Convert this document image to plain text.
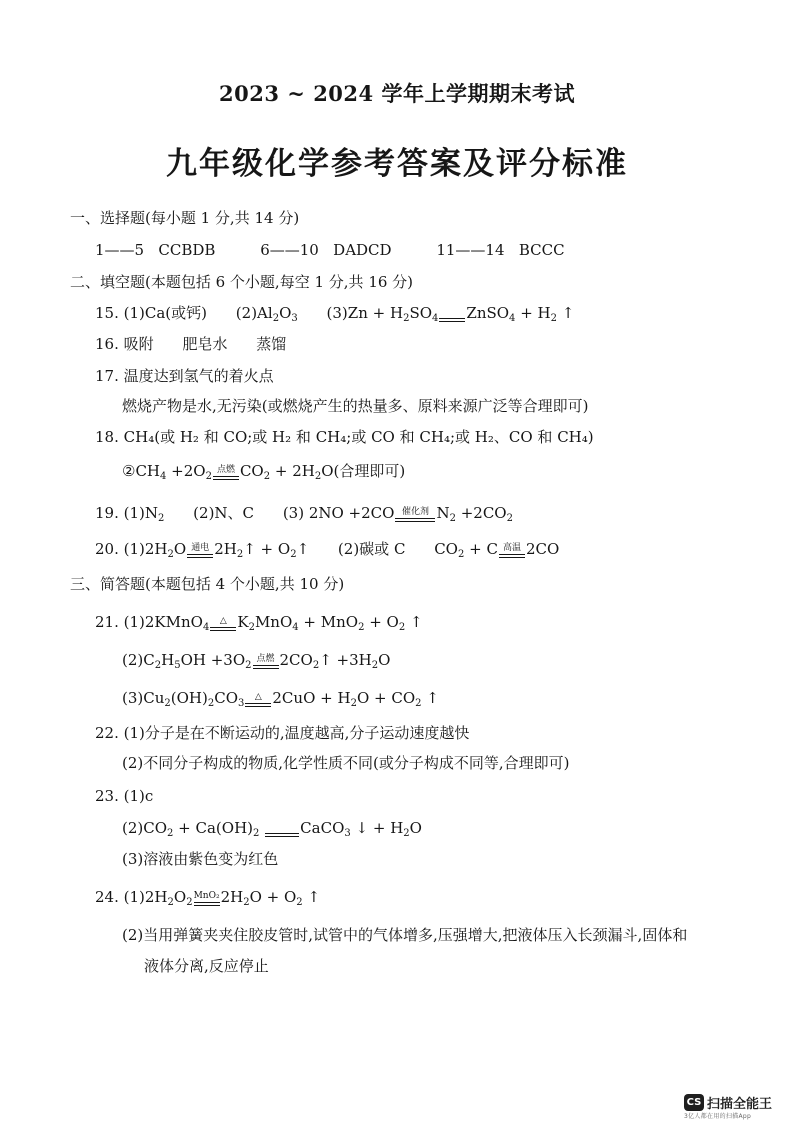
2023 ~ 2024 学年上学期期末考试
九年级化学参考答案及评分标准
一、选择题(每小题 1 分,共 14 分)
1——5 CCBDB	6——10 DADCD	11——14 BCCC
二、填空题(本题包括 6 个小题,每空 1 分,共 16 分)
15. (1)Ca(或钙) $(2)Al_2O_3$ $(3)Zn + H_2SO_4$ ZnSO$_4$ + $H_2$ ↑
16. 吸附 肥皂水 蒸馏
17. 温度达到氢气的着火点
燃烧产物是水,无污染(或燃烧产生的热量多、原料来源广泛等合理即可)
18. CH₄(或 H₂ 和 CO;或 H₂ 和 CH₄;或 CO 和 CH₄;或 H₂、CO 和 CH₄)
$②CH_4 +2O_2$
点燃 $CO_2 + 2H_2O$(合理即可)
19. $(1)N_2$ (2)N、C (3) 2NO +2CO 催化剂 $N_2 +2CO_2$
20. $(1)2H_2O$ 通电 $2H_2↑$ + $O_2↑$ (2)碳或 C $CO_2 + C$ 高温 2CO
三、简答题(本题包括 4 个小题,共 10 分)
21. (1)2KMnO$_4$
△ $K_2MnO_4 + MnO_2 + O_2$ ↑
$(2)C_2H_5OH +3O_2$
点燃 $2CO_2↑ +3H_2O$
$(3)Cu_2(OH)_2CO_3$
△ $2CuO + H_2O + CO_2$ ↑
22. (1)分子是在不断运动的,温度越高,分子运动速度越快
(2)不同分子构成的物质,化学性质不同(或分子构成不同等,合理即可)
23. (1)c
$(2)CO_2 + Ca(OH)_2$	CaCO$_3$ ↓ + $H_2O$
(3)溶液由紫色变为红色
24. $(1)2H_2O_2$
MnO₂ $2H_2O + O_2$ ↑
(2)当用弹簧夹夹住胶皮管时,试管中的气体增多,压强增大,把液体压入长颈漏斗,固体和
液体分离,反应停止
CS 扫描全能王
3亿人都在用的扫描App
